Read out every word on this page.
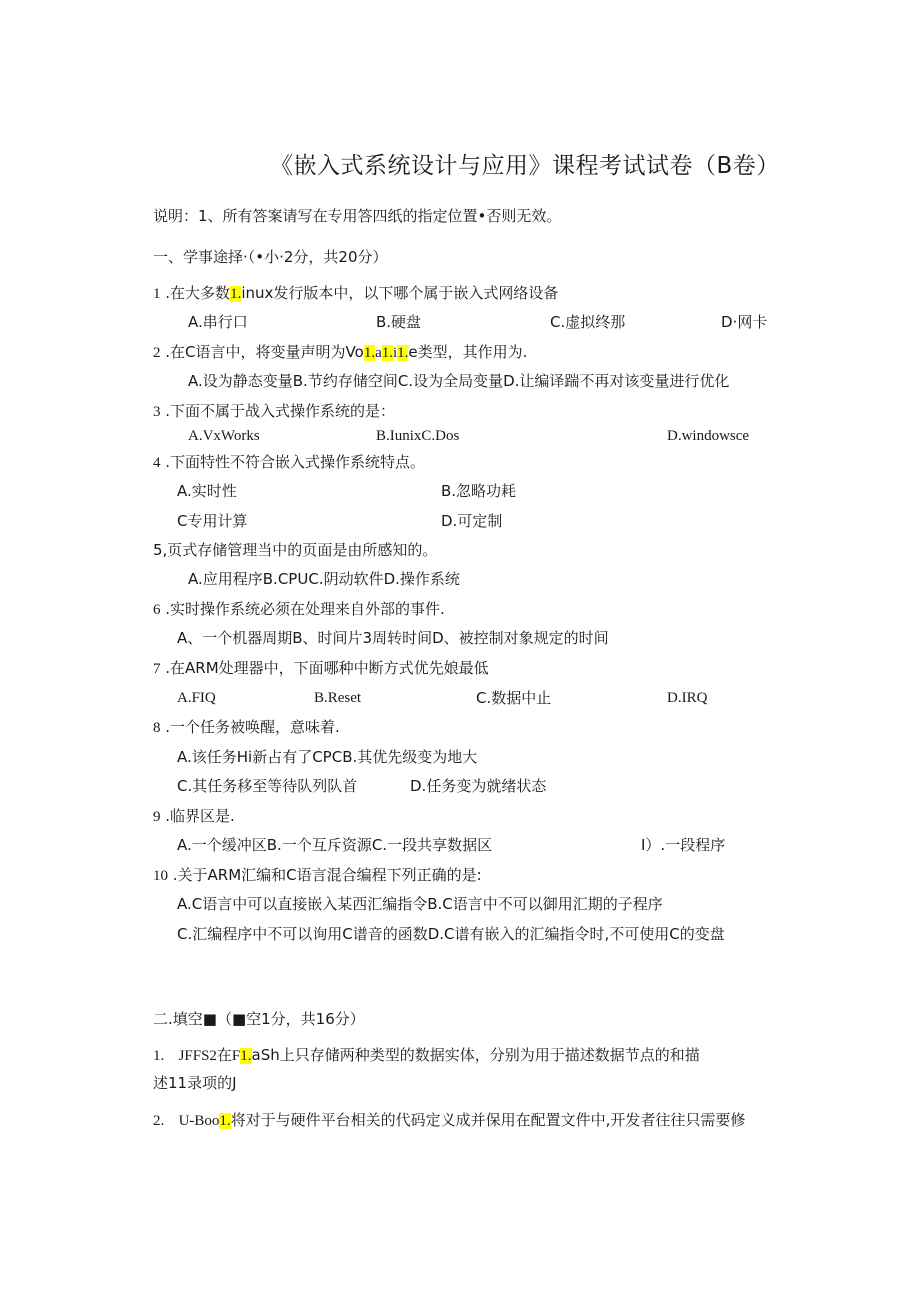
《嵌入式系统设计与应用》课程考试试卷（B卷）
说明：1、所有答案请写在专用答四纸的指定位置•否则无效。
一、学事途择·（•小·2分，共20分）
1 .在大多数1.inux发行版本中，以下哪个属于嵌入式网络设备
A.串行口	B.硬盘	C.虚拟终那	D·网卡
2 .在C语言中，将变量声明为Vo1.a1.i1.e类型，其作用为.
A.设为静态变量B.节约存储空间C.设为全局变量D.让编译踹不再对该变量进行优化
3 .下面不属于战入式操作系统的是：
A.VxWorks	B.IunixC.Dos	D.windowsce
4 .下面特性不符合嵌入式操作系统特点。
A.实时性	B.忽略功耗
C专用计算	D.可定制
5,页式存储管理当中的页面是由所感知的。
A.应用程序B.CPUC.阴动软件D.操作系统
6 .实时操作系统必须在处理来自外部的事件.
A、一个机器周期B、时间片3周转时间D、被控制对象规定的时间
7 .在ARM处理器中，下面哪种中断方式优先娘最低
A.FIQ	B.Reset	C.数据中止	D.IRQ
8 .一个任务被唤醒，意味着.
A.该任务Hi新占有了CPCB.其优先级变为地大
C.其任务移至等待队列队首	D.任务变为就绪状态
9 .临界区是.
A.一个缓冲区B.一个互斥资源C.一段共享数据区	I）.一段程序
10 .关于ARM汇编和C语言混合编程下列正确的是:
A.C语言中可以直接嵌入某西汇编指令B.C语言中不可以御用汇期的子程序
C.汇编程序中不可以询用C谱音的函数D.C谱有嵌入的汇编指令时,不可使用C的变盘
二.填空■（■空1分，共16分）
1. JFFS2在F1.aSh上只存储两种类型的数据实体，分别为用于描述数据节点的和描
述11录项的J
2. U-Boo1.将对于与硬件平台相关的代码定义成并保用在配置文件中,开发者往往只需要修
